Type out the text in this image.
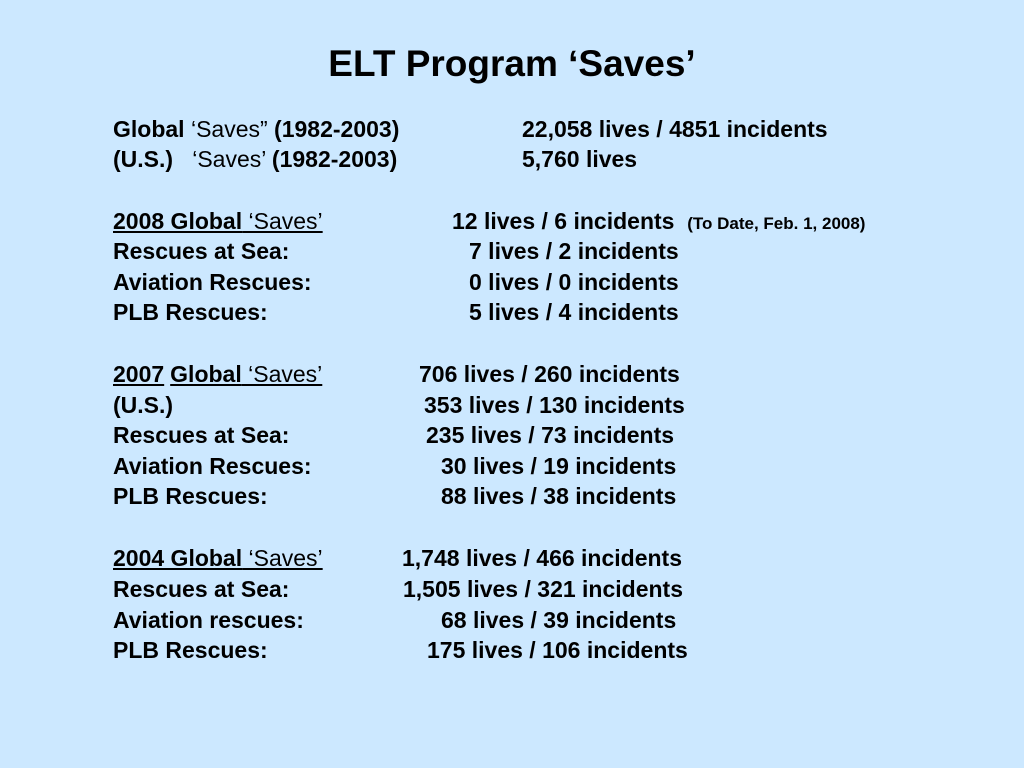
ELT Program ‘Saves’
Global ‘Saves” (1982-2003)	22,058 lives / 4851 incidents
(U.S.)   ‘Saves’ (1982-2003)	5,760 lives
2008 Global ‘Saves’	12 lives / 6 incidents (To Date, Feb. 1, 2008)
Rescues at Sea:	7 lives / 2 incidents
Aviation Rescues:	0 lives / 0 incidents
PLB Rescues:	5 lives / 4 incidents
2007 Global ‘Saves’	706 lives / 260 incidents
(U.S.)	353 lives / 130 incidents
Rescues at Sea:	235 lives / 73 incidents
Aviation Rescues:	30 lives / 19 incidents
PLB Rescues:	88 lives / 38 incidents
2004 Global ‘Saves’	1,748 lives / 466 incidents
Rescues at Sea:	1,505 lives / 321 incidents
Aviation rescues:	68 lives / 39 incidents
PLB Rescues:	175 lives / 106 incidents
